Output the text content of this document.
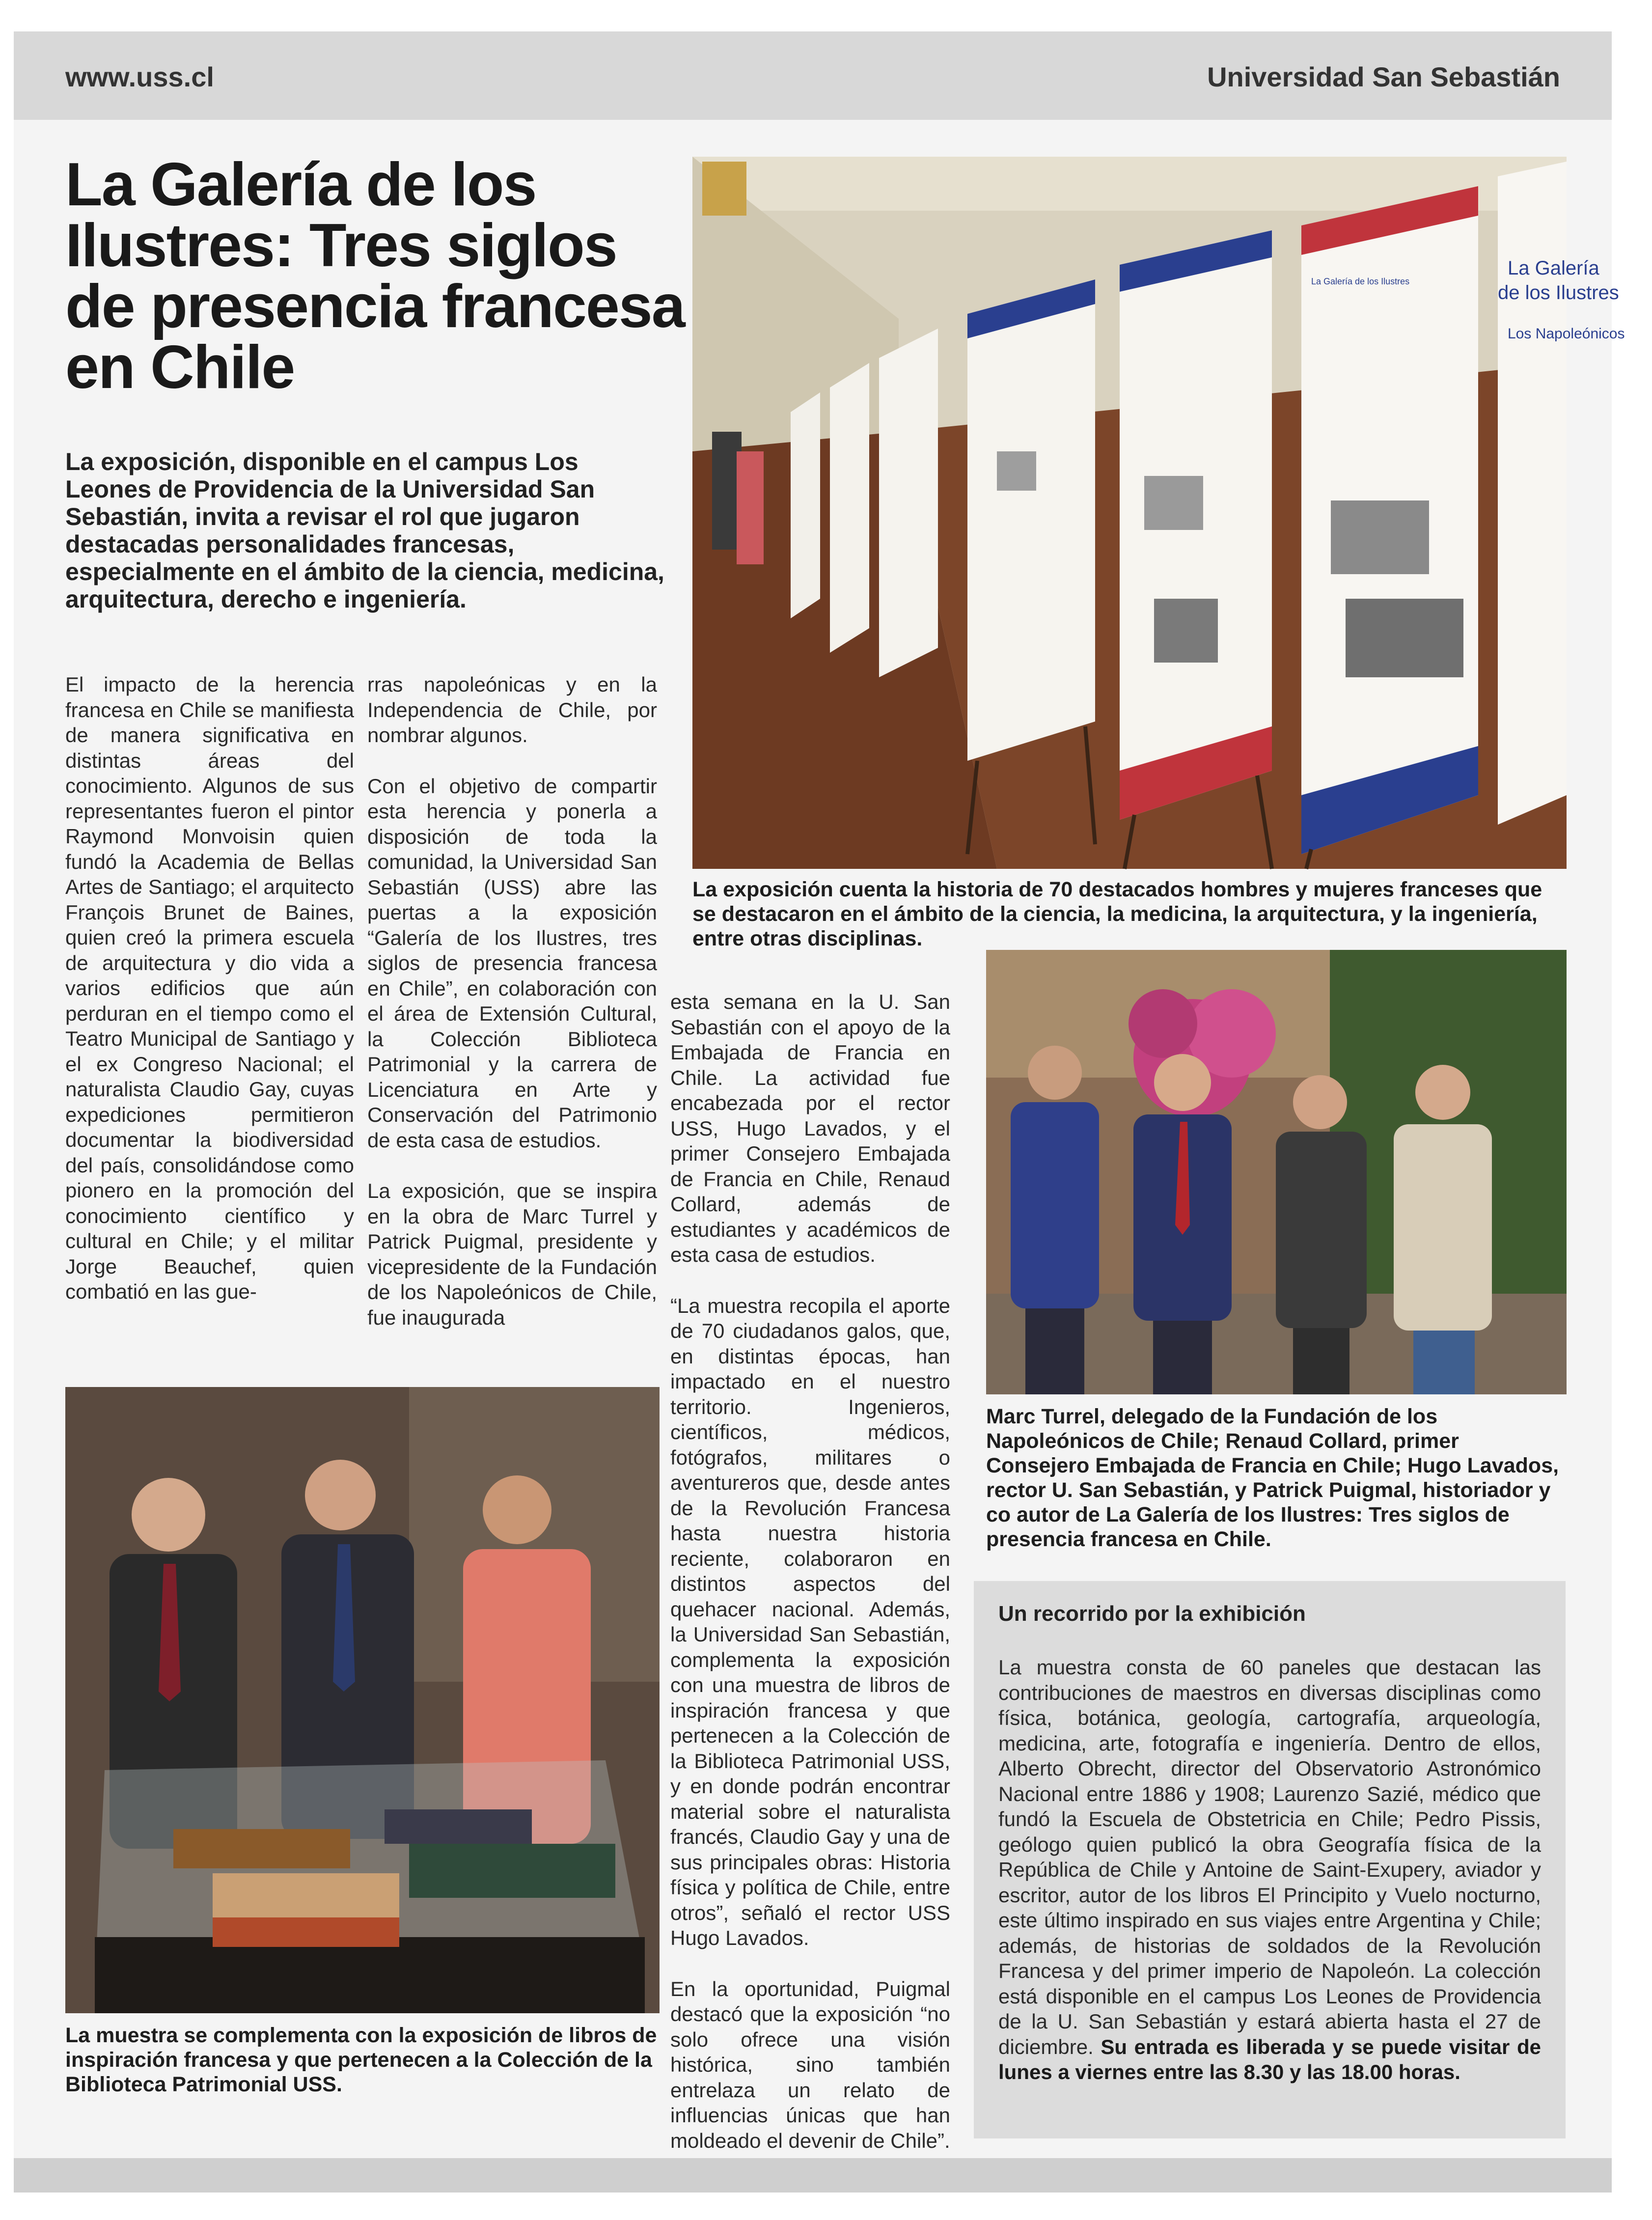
www.uss.cl	Universidad San Sebastián
La Galería de los Ilustres: Tres siglos de presencia francesa en Chile

La exposición, disponible en el campus Los Leones de Providencia de la Universidad San Sebastián, invita a revisar el rol que jugaron destacadas personalidades francesas, especialmente en el ámbito de la ciencia, medicina, arquitectura, derecho e ingeniería.

El impacto de la herencia francesa en Chile se manifiesta de manera significativa en distintas áreas del conocimiento. Algunos de sus representantes fueron el pintor Raymond Monvoisin quien fundó la Academia de Bellas Artes de Santiago; el arquitecto François Brunet de Baines, quien creó la primera escuela de arquitectura y dio vida a varios edificios que aún perduran en el tiempo como el Teatro Municipal de Santiago y el ex Congreso Nacional; el naturalista Claudio Gay, cuyas expediciones permitieron documentar la biodiversidad del país, consolidándose como pionero en la promoción del conocimiento científico y cultural en Chile; y el militar Jorge Beauchef, quien combatió en las gue-

rras napoleónicas y en la Independencia de Chile, por nombrar algunos.

Con el objetivo de compartir esta herencia y ponerla a disposición de toda la comunidad, la Universidad San Sebastián (USS) abre las puertas a la exposición “Galería de los Ilustres, tres siglos de presencia francesa en Chile”, en colaboración con el área de Extensión Cultural, la Colección Biblioteca Patrimonial y la carrera de Licenciatura en Arte y Conservación del Patrimonio de esta casa de estudios.

La exposición, que se inspira en la obra de Marc Turrel y Patrick Puigmal, presidente y vicepresidente de la Fundación de los Napoleónicos de Chile, fue inaugurada

esta semana en la U. San Sebastián con el apoyo de la Embajada de Francia en Chile. La actividad fue encabezada por el rector USS, Hugo Lavados, y el primer Consejero Embajada de Francia en Chile, Renaud Collard, además de estudiantes y académicos de esta casa de estudios.

“La muestra recopila el aporte de 70 ciudadanos galos, que, en distintas épocas, han impactado en el nuestro territorio. Ingenieros, científicos, médicos, fotógrafos, militares o aventureros que, desde antes de la Revolución Francesa hasta nuestra historia reciente, colaboraron en distintos aspectos del quehacer nacional. Además, la Universidad San Sebastián, complementa la exposición con una muestra de libros de inspiración francesa y que pertenecen a la Colección de la Biblioteca Patrimonial USS, y en donde podrán encontrar material sobre el naturalista francés, Claudio Gay y una de sus principales obras: Historia física y política de Chile, entre otros”, señaló el rector USS Hugo Lavados.

En la oportunidad, Puigmal destacó que la exposición “no solo ofrece una visión histórica, sino también entrelaza un relato de influencias únicas que han moldeado el devenir de Chile”.

La Galería
de los Ilustres
Los Napoleónicos
La Galería de los Ilustres

La exposición cuenta la historia de 70 destacados hombres y mujeres franceses que se destacaron en el ámbito de la ciencia, la medicina, la arquitectura, y la ingeniería, entre otras disciplinas.

Marc Turrel, delegado de la Fundación de los Napoleónicos de Chile; Renaud Collard, primer Consejero Embajada de Francia en Chile; Hugo Lavados, rector U. San Sebastián, y Patrick Puigmal, historiador y co autor de La Galería de los Ilustres: Tres siglos de presencia francesa en Chile.

La muestra se complementa con la exposición de libros de inspiración francesa y que pertenecen a la Colección de la Biblioteca Patrimonial USS.

Un recorrido por la exhibición

La muestra consta de 60 paneles que destacan las contribuciones de maestros en diversas disciplinas como física, botánica, geología, cartografía, arqueología, medicina, arte, fotografía e ingeniería. Dentro de ellos, Alberto Obrecht, director del Observatorio Astronómico Nacional entre 1886 y 1908; Laurenzo Sazié, médico que fundó la Escuela de Obstetricia en Chile; Pedro Pissis, geólogo quien publicó la obra Geografía física de la República de Chile y Antoine de Saint-Exupery, aviador y escritor, autor de los libros El Principito y Vuelo nocturno, este último inspirado en sus viajes entre Argentina y Chile; además, de historias de soldados de la Revolución Francesa y del primer imperio de Napoleón. La colección está disponible en el campus Los Leones de Providencia de la U. San Sebastián y estará abierta hasta el 27 de diciembre. Su entrada es liberada y se puede visitar de lunes a viernes entre las 8.30 y las 18.00 horas.
